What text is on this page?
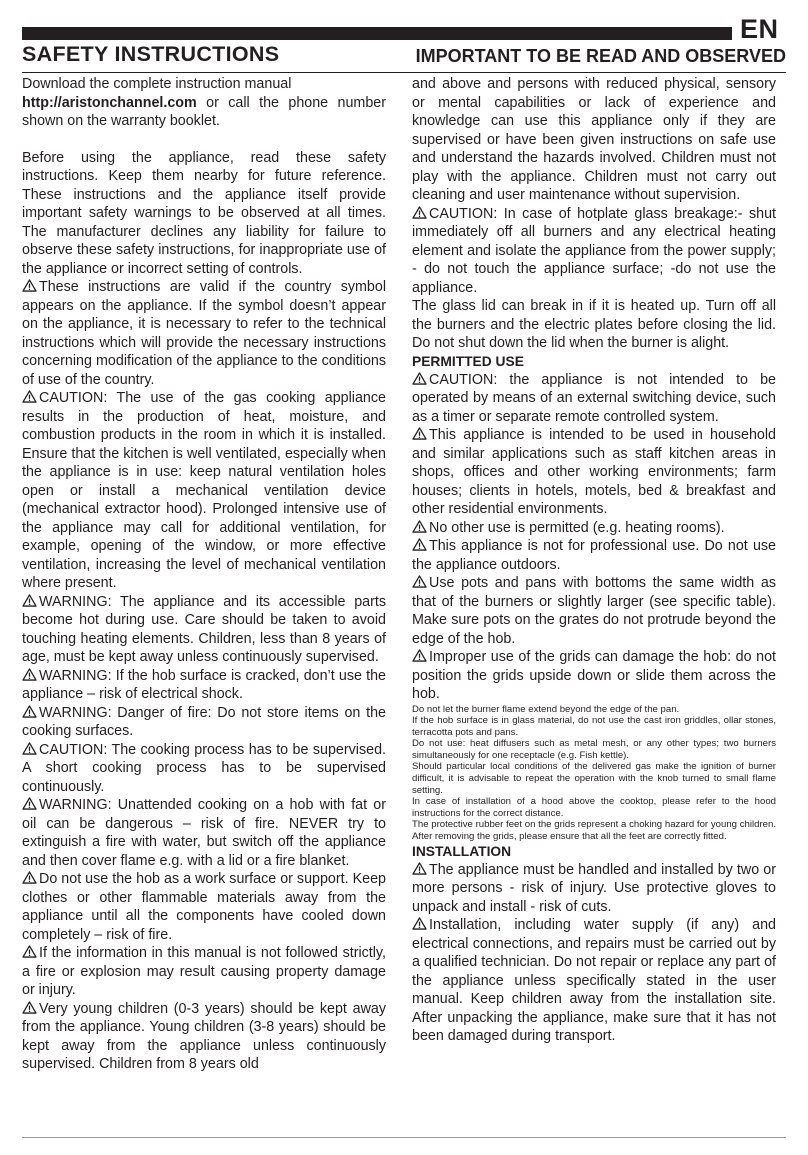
EN
SAFETY INSTRUCTIONS	IMPORTANT TO BE READ AND OBSERVED

Download the complete instruction manual
http://aristonchannel.com or call the phone number shown on the warranty booklet.

Before using the appliance, read these safety instructions. Keep them nearby for future reference. These instructions and the appliance itself provide important safety warnings to be observed at all times. The manufacturer declines any liability for failure to observe these safety instructions, for inappropriate use of the appliance or incorrect setting of controls.

These instructions are valid if the country symbol appears on the appliance. If the symbol doesn’t appear on the appliance, it is necessary to refer to the technical instructions which will provide the necessary instructions concerning modification of the appliance to the conditions of use of the country.

CAUTION: The use of the gas cooking appliance results in the production of heat, moisture, and combustion products in the room in which it is installed. Ensure that the kitchen is well ventilated, especially when the appliance is in use: keep natural ventilation holes open or install a mechanical ventilation device (mechanical extractor hood). Prolonged intensive use of the appliance may call for additional ventilation, for example, opening of the window, or more effective ventilation, increasing the level of mechanical ventilation where present.

WARNING: The appliance and its accessible parts become hot during use. Care should be taken to avoid touching heating elements. Children, less than 8 years of age, must be kept away unless continuously supervised.

WARNING: If the hob surface is cracked, don’t use the appliance – risk of electrical shock.

WARNING: Danger of fire: Do not store items on the cooking surfaces.

CAUTION: The cooking process has to be supervised. A short cooking process has to be supervised continuously.

WARNING: Unattended cooking on a hob with fat or oil can be dangerous – risk of fire. NEVER try to extinguish a fire with water, but switch off the appliance and then cover flame e.g. with a lid or a fire blanket.

Do not use the hob as a work surface or support. Keep clothes or other flammable materials away from the appliance until all the components have cooled down completely – risk of fire.

If the information in this manual is not followed strictly, a fire or explosion may result causing property damage or injury.

Very young children (0-3 years) should be kept away from the appliance. Young children (3-8 years) should be kept away from the appliance unless continuously supervised. Children from 8 years old

and above and persons with reduced physical, sensory or mental capabilities or lack of experience and knowledge can use this appliance only if they are supervised or have been given instructions on safe use and understand the hazards involved. Children must not play with the appliance. Children must not carry out cleaning and user maintenance without supervision.

CAUTION: In case of hotplate glass breakage:- shut immediately off all burners and any electrical heating element and isolate the appliance from the power supply; - do not touch the appliance surface; -do not use the appliance.

The glass lid can break in if it is heated up. Turn off all the burners and the electric plates before closing the lid. Do not shut down the lid when the burner is alight.

PERMITTED USE

CAUTION: the appliance is not intended to be operated by means of an external switching device, such as a timer or separate remote controlled system.

This appliance is intended to be used in household and similar applications such as staff kitchen areas in shops, offices and other working environments; farm houses; clients in hotels, motels, bed & breakfast and other residential environments.

No other use is permitted (e.g. heating rooms).

This appliance is not for professional use. Do not use the appliance outdoors.

Use pots and pans with bottoms the same width as that of the burners or slightly larger (see specific table). Make sure pots on the grates do not protrude beyond the edge of the hob.

Improper use of the grids can damage the hob: do not position the grids upside down or slide them across the hob.

Do not let the burner flame extend beyond the edge of the pan.

If the hob surface is in glass material, do not use the cast iron griddles, ollar stones, terracotta pots and pans.

Do not use: heat diffusers such as metal mesh, or any other types; two burners simultaneously for one receptacle (e.g. Fish kettle).

Should particular local conditions of the delivered gas make the ignition of burner difficult, it is advisable to repeat the operation with the knob turned to small flame setting.

In case of installation of a hood above the cooktop, please refer to the hood instructions for the correct distance.

The protective rubber feet on the grids represent a choking hazard for young children. After removing the grids, please ensure that all the feet are correctly fitted.

INSTALLATION

The appliance must be handled and installed by two or more persons - risk of injury. Use protective gloves to unpack and install - risk of cuts.

Installation, including water supply (if any) and electrical connections, and repairs must be carried out by a qualified technician. Do not repair or replace any part of the appliance unless specifically stated in the user manual. Keep children away from the installation site. After unpacking the appliance, make sure that it has not been damaged during transport.
